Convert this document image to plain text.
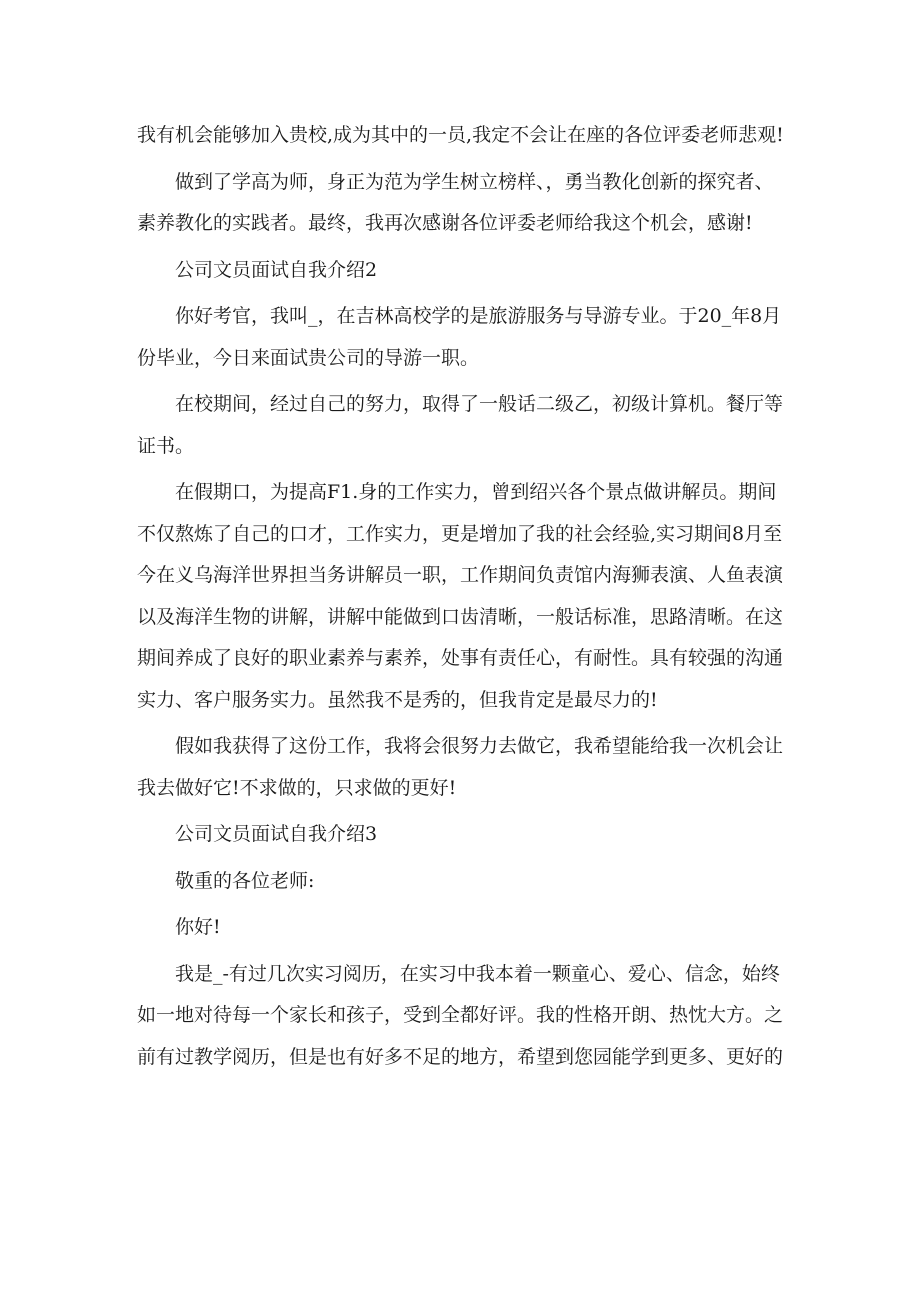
我有机会能够加入贵校,成为其中的一员,我定不会让在座的各位评委老师悲观!

做到了学高为师，身正为范为学生树立榜样、，勇当教化创新的探究者、素养教化的实践者。最终，我再次感谢各位评委老师给我这个机会，感谢!

公司文员面试自我介绍2

你好考官，我叫_，在吉林高校学的是旅游服务与导游专业。于20_年8月份毕业，今日来面试贵公司的导游一职。

在校期间，经过自己的努力，取得了一般话二级乙，初级计算机。餐厅等证书。

在假期口，为提高F1.身的工作实力，曾到绍兴各个景点做讲解员。期间不仅熬炼了自己的口才，工作实力，更是增加了我的社会经验,实习期间8月至今在义乌海洋世界担当务讲解员一职，工作期间负责馆内海狮表演、人鱼表演以及海洋生物的讲解，讲解中能做到口齿清晰，一般话标准，思路清晰。在这期间养成了良好的职业素养与素养，处事有责任心，有耐性。具有较强的沟通实力、客户服务实力。虽然我不是秀的，但我肯定是最尽力的!

假如我获得了这份工作，我将会很努力去做它，我希望能给我一次机会让我去做好它!不求做的，只求做的更好!

公司文员面试自我介绍3

敬重的各位老师:

你好!

我是_-有过几次实习阅历，在实习中我本着一颗童心、爱心、信念，始终如一地对待每一个家长和孩子，受到全都好评。我的性格开朗、热忱大方。之前有过教学阅历，但是也有好多不足的地方，希望到您园能学到更多、更好的
